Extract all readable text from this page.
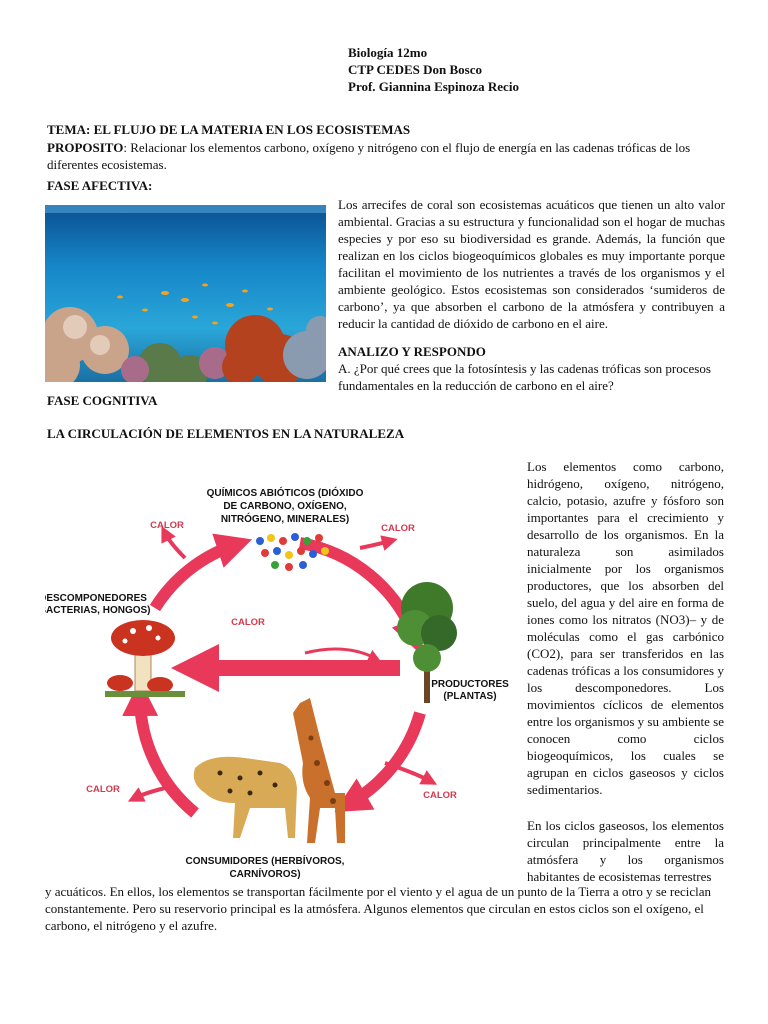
Biología 12mo
CTP CEDES Don Bosco
Prof. Giannina Espinoza Recio
TEMA: EL FLUJO DE LA MATERIA EN LOS ECOSISTEMAS
PROPOSITO: Relacionar los elementos carbono, oxígeno y nitrógeno con el flujo de energía en las cadenas tróficas de los diferentes ecosistemas.
FASE AFECTIVA:
Los arrecifes de coral son ecosistemas acuáticos que tienen un alto valor ambiental. Gracias a su estructura y funcionalidad son el hogar de muchas especies y por eso su biodiversidad es grande. Además, la función que realizan en los ciclos biogeoquímicos globales es muy importante porque facilitan el movimiento de los nutrientes a través de los organismos y el ambiente geológico. Estos ecosistemas son considerados ‘sumideros de carbono’, ya que absorben el carbono de la atmósfera y contribuyen a reducir la cantidad de dióxido de carbono en el aire.
ANALIZO Y RESPONDO
A. ¿Por qué crees que la fotosíntesis y las cadenas tróficas son procesos fundamentales en la reducción de carbono en el aire?
FASE COGNITIVA
LA CIRCULACIÓN DE ELEMENTOS EN LA NATURALEZA
QUÍMICOS ABIÓTICOS (DIÓXIDO
DE CARBONO, OXÍGENO,
NITRÓGENO, MINERALES)
DESCOMPONEDORES
(BACTERIAS, HONGOS)
PRODUCTORES
(PLANTAS)
CONSUMIDORES (HERBÍVOROS,
CARNÍVOROS)
CALOR	CALOR
CALOR
CALOR
CALOR
Los elementos como carbono, hidrógeno, oxígeno, nitrógeno, calcio, potasio, azufre y fósforo son importantes para el crecimiento y desarrollo de los organismos. En la naturaleza son asimilados inicialmente por los organismos productores, que los absorben del suelo, del agua y del aire en forma de iones como los nitratos (NO3)– y de moléculas como el gas carbónico (CO2), para ser transferidos en las cadenas tróficas a los consumidores y los descomponedores. Los movimientos cíclicos de elementos entre los organismos y su ambiente se conocen como ciclos biogeoquímicos, los cuales se agrupan en ciclos gaseosos y ciclos sedimentarios.
En los ciclos gaseosos, los elementos circulan principalmente entre la atmósfera y los organismos habitantes de ecosistemas terrestres
y acuáticos. En ellos, los elementos se transportan fácilmente por el viento y el agua de un punto de la Tierra a otro y se reciclan constantemente. Pero su reservorio principal es la atmósfera. Algunos elementos que circulan en estos ciclos son el oxígeno, el carbono, el nitrógeno y el azufre.
